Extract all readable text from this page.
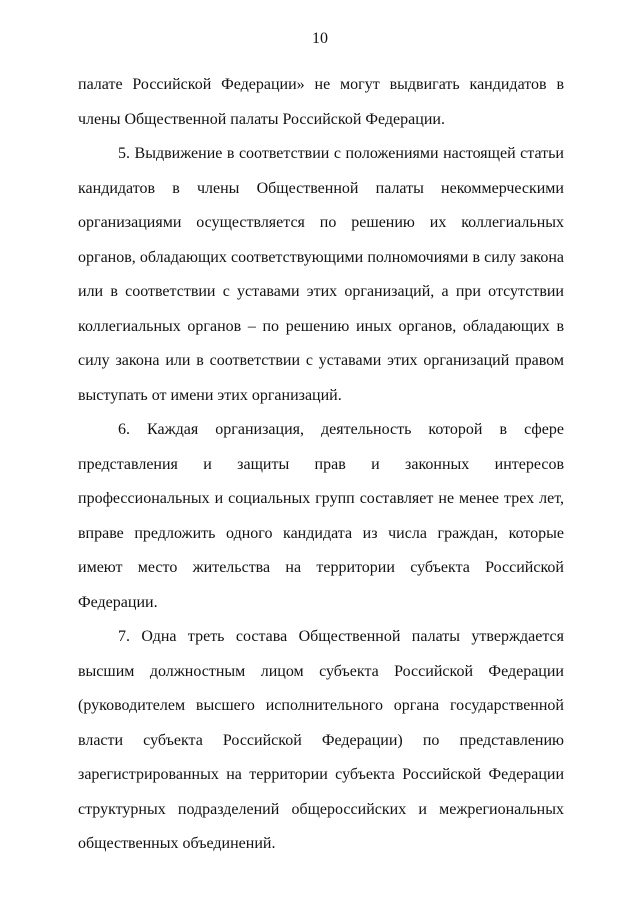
10

палате Российской Федерации» не могут выдвигать кандидатов в члены Общественной палаты Российской Федерации.

5. Выдвижение в соответствии с положениями настоящей статьи кандидатов в члены Общественной палаты некоммерческими организациями осуществляется по решению их коллегиальных органов, обладающих соответствующими полномочиями в силу закона или в соответствии с уставами этих организаций, а при отсутствии коллегиальных органов – по решению иных органов, обладающих в силу закона или в соответствии с уставами этих организаций правом выступать от имени этих организаций.

6. Каждая организация, деятельность которой в сфере представления и защиты прав и законных интересов профессиональных и социальных групп составляет не менее трех лет, вправе предложить одного кандидата из числа граждан, которые имеют место жительства на территории субъекта Российской Федерации.

7. Одна треть состава Общественной палаты утверждается высшим должностным лицом субъекта Российской Федерации (руководителем высшего исполнительного органа государственной власти субъекта Российской Федерации) по представлению зарегистрированных на территории субъекта Российской Федерации структурных подразделений общероссийских и межрегиональных общественных объединений.
